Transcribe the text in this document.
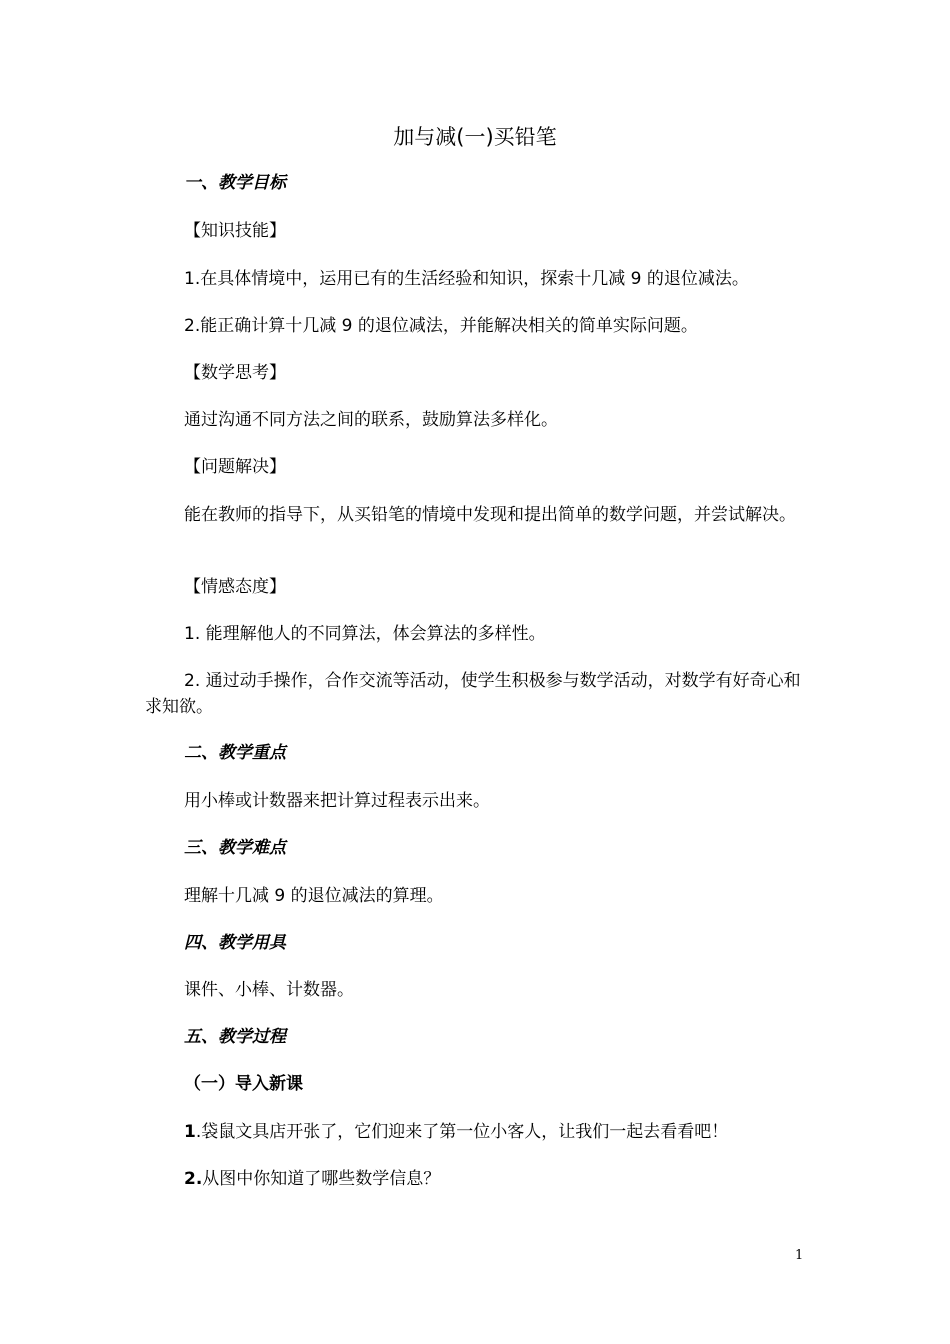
加与减(一)买铅笔

一、教学目标

【知识技能】

1.在具体情境中，运用已有的生活经验和知识，探索十几减 9 的退位减法。

2.能正确计算十几减 9 的退位减法，并能解决相关的简单实际问题。

【数学思考】

通过沟通不同方法之间的联系，鼓励算法多样化。

【问题解决】

能在教师的指导下，从买铅笔的情境中发现和提出简单的数学问题，并尝试解决。

【情感态度】

1. 能理解他人的不同算法，体会算法的多样性。

2. 通过动手操作，合作交流等活动，使学生积极参与数学活动，对数学有好奇心和求知欲。

二、教学重点

用小棒或计数器来把计算过程表示出来。

三、教学难点

理解十几减 9 的退位减法的算理。

四、教学用具

课件、小棒、计数器。

五、教学过程

（一）导入新课

1.袋鼠文具店开张了，它们迎来了第一位小客人，让我们一起去看看吧！

2.从图中你知道了哪些数学信息？

1
